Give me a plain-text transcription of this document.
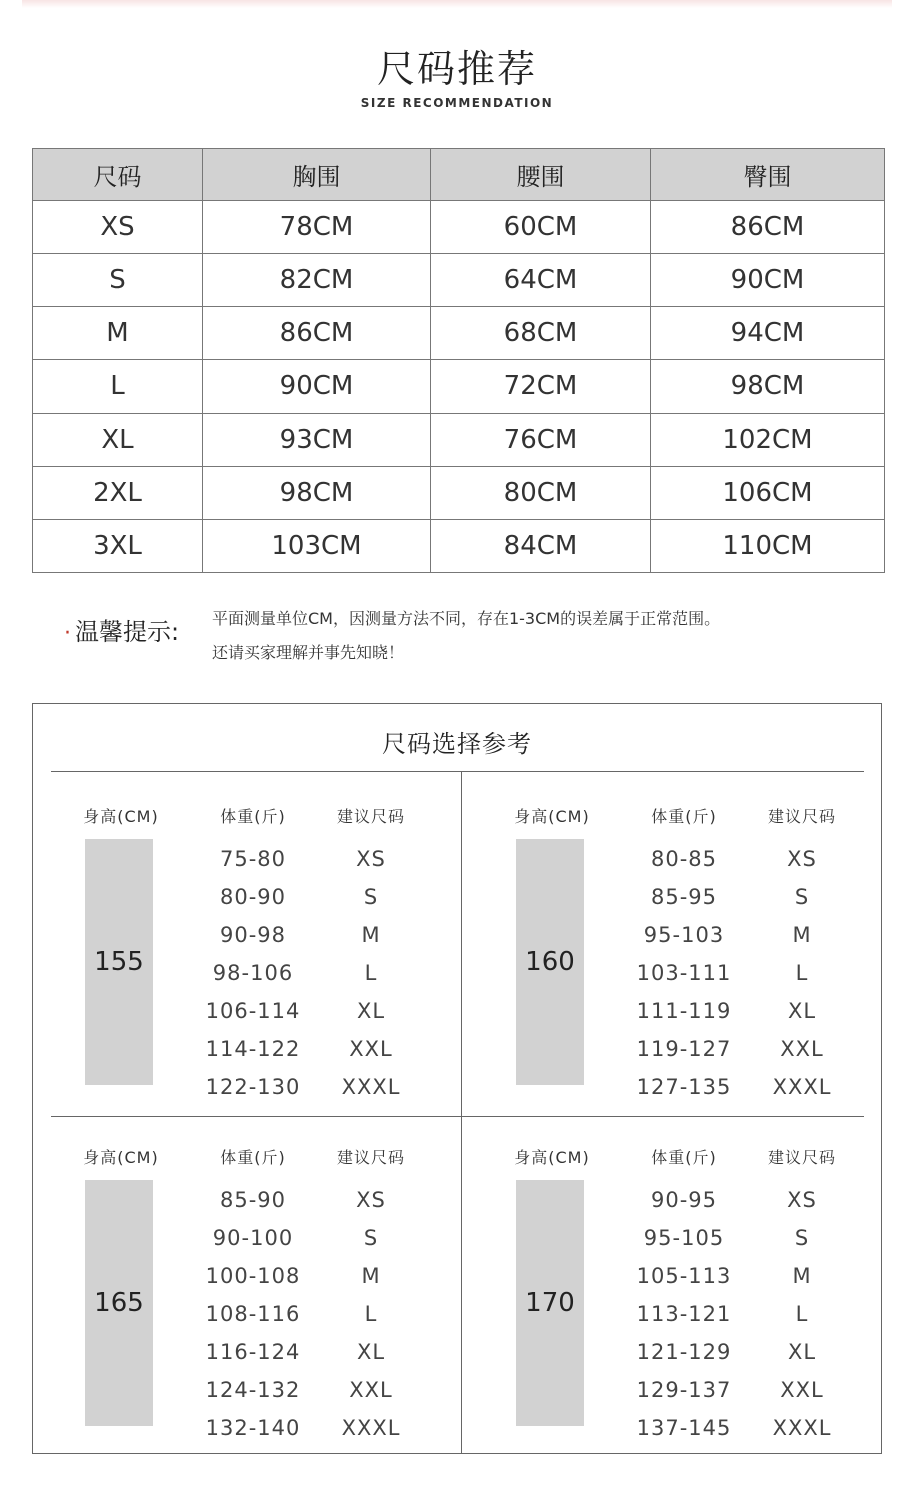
尺码推荐
SIZE RECOMMENDATION
尺码	胸围	腰围	臀围
XS	78CM	60CM	86CM
S	82CM	64CM	90CM
M	86CM	68CM	94CM
L	90CM	72CM	98CM
XL	93CM	76CM	102CM
2XL	98CM	80CM	106CM
3XL	103CM	84CM	110CM
· 温馨提示: 平面测量单位CM，因测量方法不同，存在1-3CM的误差属于正常范围。
还请买家理解并事先知晓！
尺码选择参考
身高(CM)	体重(斤)	建议尺码
155
75-80	XS
80-90	S
90-98	M
98-106	L
106-114	XL
114-122	XXL
122-130	XXXL
身高(CM)	体重(斤)	建议尺码
160
80-85	XS
85-95	S
95-103	M
103-111	L
111-119	XL
119-127	XXL
127-135	XXXL
身高(CM)	体重(斤)	建议尺码
165
85-90	XS
90-100	S
100-108	M
108-116	L
116-124	XL
124-132	XXL
132-140	XXXL
身高(CM)	体重(斤)	建议尺码
170
90-95	XS
95-105	S
105-113	M
113-121	L
121-129	XL
129-137	XXL
137-145	XXXL
